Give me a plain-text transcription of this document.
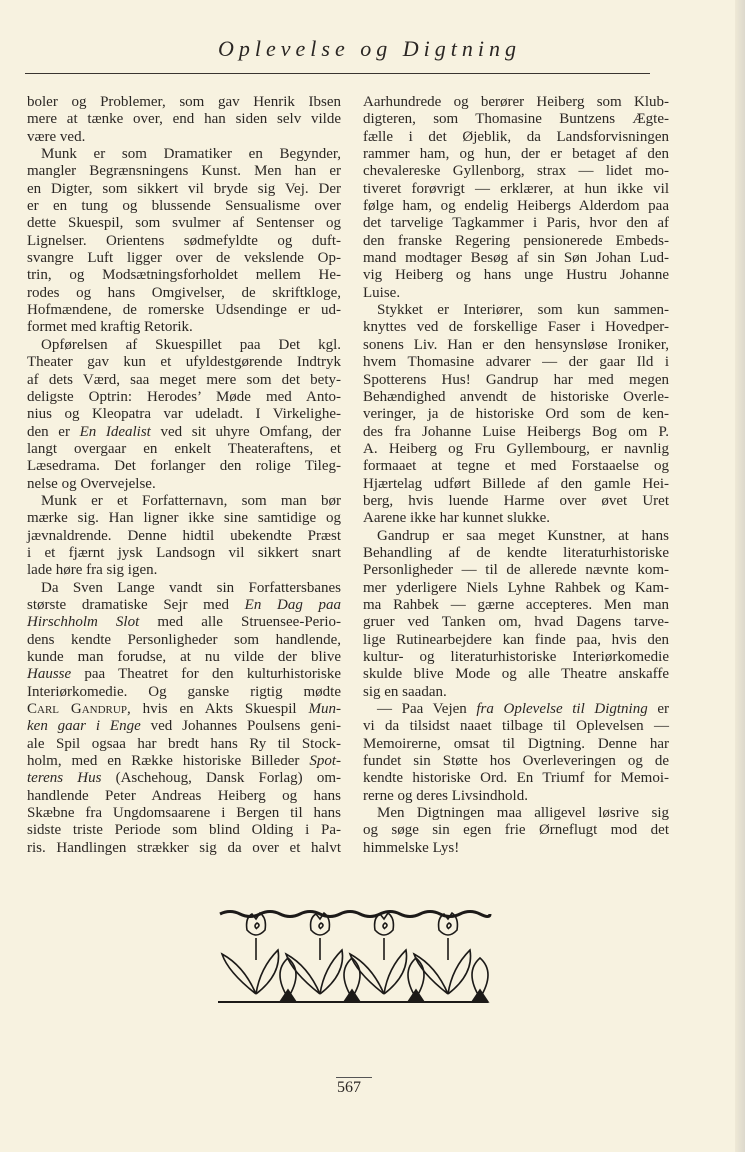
Oplevelse og Digtning
boler og Problemer, som gav Henrik Ibsen
mere at tænke over, end han siden selv vilde
være ved.
Munk er som Dramatiker en Begynder,
mangler Begrænsningens Kunst. Men han er
en Digter, som sikkert vil bryde sig Vej. Der
er en tung og blussende Sensualisme over
dette Skuespil, som svulmer af Sentenser og
Lignelser. Orientens sødmefyldte og duft-
svangre Luft ligger over de vekslende Op-
trin, og Modsætningsforholdet mellem He-
rodes og hans Omgivelser, de skriftkloge,
Hofmændene, de romerske Udsendinge er ud-
formet med kraftig Retorik.
Opførelsen af Skuespillet paa Det kgl.
Theater gav kun et ufyldestgørende Indtryk
af dets Værd, saa meget mere som det bety-
deligste Optrin: Herodes’ Møde med Anto-
nius og Kleopatra var udeladt. I Virkelighe-
den er En Idealist ved sit uhyre Omfang, der
langt overgaar en enkelt Theateraftens, et
Læsedrama. Det forlanger den rolige Tileg-
nelse og Overvejelse.
Munk er et Forfatternavn, som man bør
mærke sig. Han ligner ikke sine samtidige og
jævnaldrende. Denne hidtil ubekendte Præst
i et fjærnt jysk Landsogn vil sikkert snart
lade høre fra sig igen.
Da Sven Lange vandt sin Forfattersbanes
største dramatiske Sejr med En Dag paa
Hirschholm Slot med alle Struensee-Perio-
dens kendte Personligheder som handlende,
kunde man forudse, at nu vilde der blive
Hausse paa Theatret for den kulturhistoriske
Interiørkomedie. Og ganske rigtig mødte
Carl Gandrup, hvis en Akts Skuespil Mun-
ken gaar i Enge ved Johannes Poulsens geni-
ale Spil ogsaa har bredt hans Ry til Stock-
holm, med en Række historiske Billeder Spot-
terens Hus (Aschehoug, Dansk Forlag) om-
handlende Peter Andreas Heiberg og hans
Skæbne fra Ungdomsaarene i Bergen til hans
sidste triste Periode som blind Olding i Pa-
ris. Handlingen strækker sig da over et halvt
Aarhundrede og berører Heiberg som Klub-
digteren, som Thomasine Buntzens Ægte-
fælle i det Øjeblik, da Landsforvisningen
rammer ham, og hun, der er betaget af den
chevalereske Gyllenborg, strax — lidet mo-
tiveret forøvrigt — erklærer, at hun ikke vil
følge ham, og endelig Heibergs Alderdom paa
det tarvelige Tagkammer i Paris, hvor den af
den franske Regering pensionerede Embeds-
mand modtager Besøg af sin Søn Johan Lud-
vig Heiberg og hans unge Hustru Johanne
Luise.
Stykket er Interiører, som kun sammen-
knyttes ved de forskellige Faser i Hovedper-
sonens Liv. Han er den hensynsløse Ironiker,
hvem Thomasine advarer — der gaar Ild i
Spotterens Hus! Gandrup har med megen
Behændighed anvendt de historiske Overle-
veringer, ja de historiske Ord som de ken-
des fra Johanne Luise Heibergs Bog om P.
A. Heiberg og Fru Gyllembourg, er navnlig
formaaet at tegne et med Forstaaelse og
Hjærtelag udført Billede af den gamle Hei-
berg, hvis luende Harme over øvet Uret
Aarene ikke har kunnet slukke.
Gandrup er saa meget Kunstner, at hans
Behandling af de kendte literaturhistoriske
Personligheder — til de allerede nævnte kom-
mer yderligere Niels Lyhne Rahbek og Kam-
ma Rahbek — gærne accepteres. Men man
gruer ved Tanken om, hvad Dagens tarve-
lige Rutinearbejdere kan finde paa, hvis den
kultur- og literaturhistoriske Interiørkomedie
skulde blive Mode og alle Theatre anskaffe
sig en saadan.
— Paa Vejen fra Oplevelse til Digtning er
vi da tilsidst naaet tilbage til Oplevelsen —
Memoirerne, omsat til Digtning. Denne har
fundet sin Støtte hos Overleveringen og de
kendte historiske Ord. En Triumf for Memoi-
rerne og deres Livsindhold.
Men Digtningen maa alligevel løsrive sig
og søge sin egen frie Ørneflugt mod det
himmelske Lys!
567
